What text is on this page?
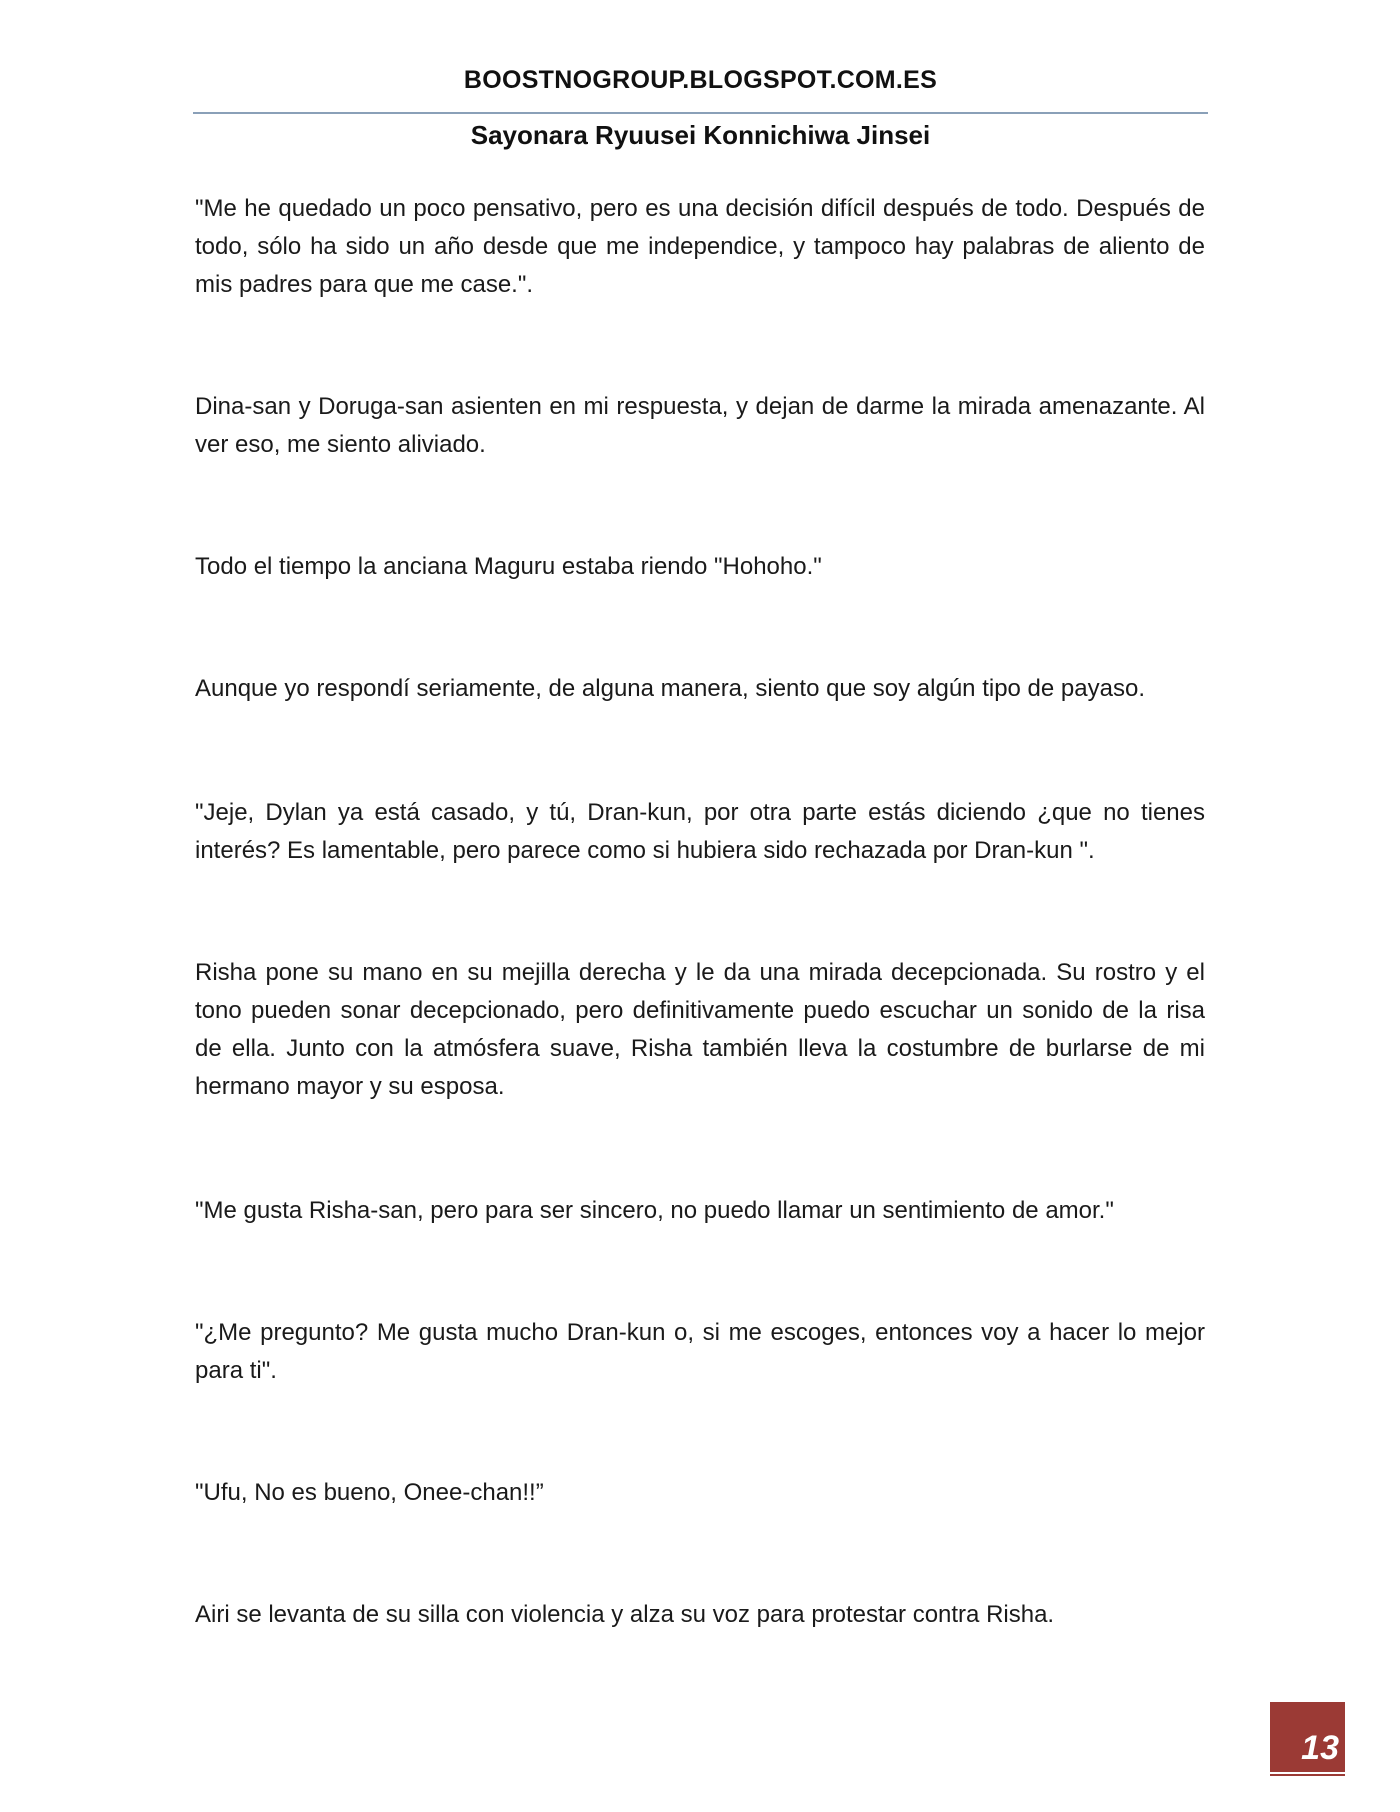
BOOSTNOGROUP.BLOGSPOT.COM.ES
Sayonara Ryuusei Konnichiwa Jinsei

"Me he quedado un poco pensativo, pero es una decisión difícil después de todo. Después de todo, sólo ha sido un año desde que me independice, y tampoco hay palabras de aliento de mis padres para que me case.".

Dina-san y Doruga-san asienten en mi respuesta, y dejan de darme la mirada amenazante. Al ver eso, me siento aliviado.

Todo el tiempo la anciana Maguru estaba riendo "Hohoho."

Aunque yo respondí seriamente, de alguna manera, siento que soy algún tipo de payaso.

"Jeje, Dylan ya está casado, y tú, Dran-kun, por otra parte estás diciendo ¿que no tienes interés? Es lamentable, pero parece como si hubiera sido rechazada por Dran-kun ".

Risha pone su mano en su mejilla derecha y le da una mirada decepcionada. Su rostro y el tono pueden sonar decepcionado, pero definitivamente puedo escuchar un sonido de la risa de ella. Junto con la atmósfera suave, Risha también lleva la costumbre de burlarse de mi hermano mayor y su esposa.

"Me gusta Risha-san, pero para ser sincero, no puedo llamar un sentimiento de amor."

"¿Me pregunto? Me gusta mucho Dran-kun o, si me escoges, entonces voy a hacer lo mejor para ti".

"Ufu, No es bueno, Onee-chan!!”

Airi se levanta de su silla con violencia y alza su voz para protestar contra Risha.

13
